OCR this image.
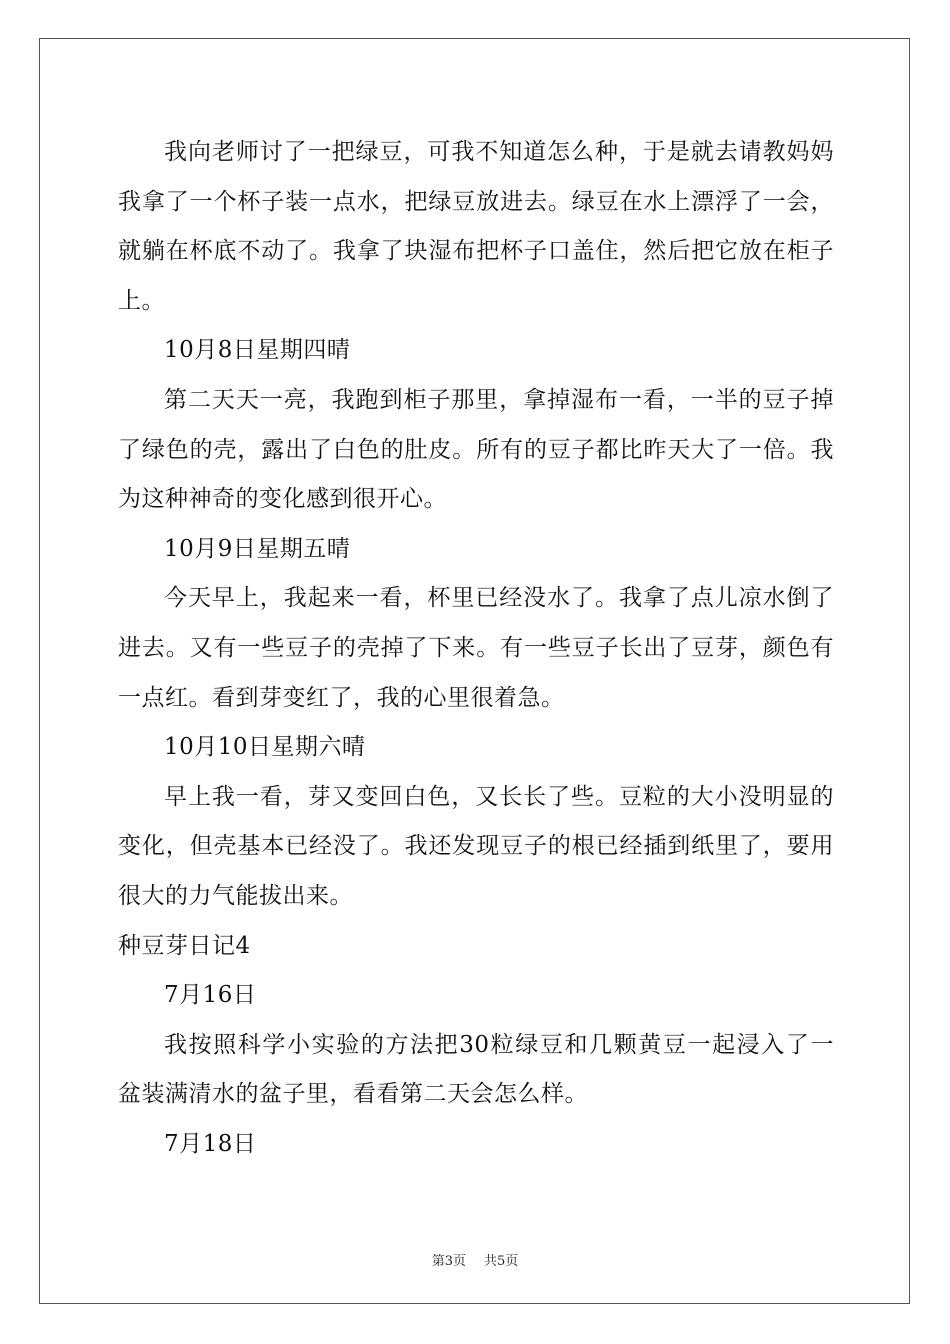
我向老师讨了一把绿豆，可我不知道怎么种，于是就去请教妈妈
我拿了一个杯子装一点水，把绿豆放进去。绿豆在水上漂浮了一会，
就躺在杯底不动了。我拿了块湿布把杯子口盖住，然后把它放在柜子
上。
10月8日星期四晴
第二天天一亮，我跑到柜子那里，拿掉湿布一看，一半的豆子掉
了绿色的壳，露出了白色的肚皮。所有的豆子都比昨天大了一倍。我
为这种神奇的变化感到很开心。
10月9日星期五晴
今天早上，我起来一看，杯里已经没水了。我拿了点儿凉水倒了
进去。又有一些豆子的壳掉了下来。有一些豆子长出了豆芽，颜色有
一点红。看到芽变红了，我的心里很着急。
10月10日星期六晴
早上我一看，芽又变回白色，又长长了些。豆粒的大小没明显的
变化，但壳基本已经没了。我还发现豆子的根已经插到纸里了，要用
很大的力气能拔出来。
种豆芽日记4
7月16日
我按照科学小实验的方法把30粒绿豆和几颗黄豆一起浸入了一
盆装满清水的盆子里，看看第二天会怎么样。
7月18日
第3页 共5页
